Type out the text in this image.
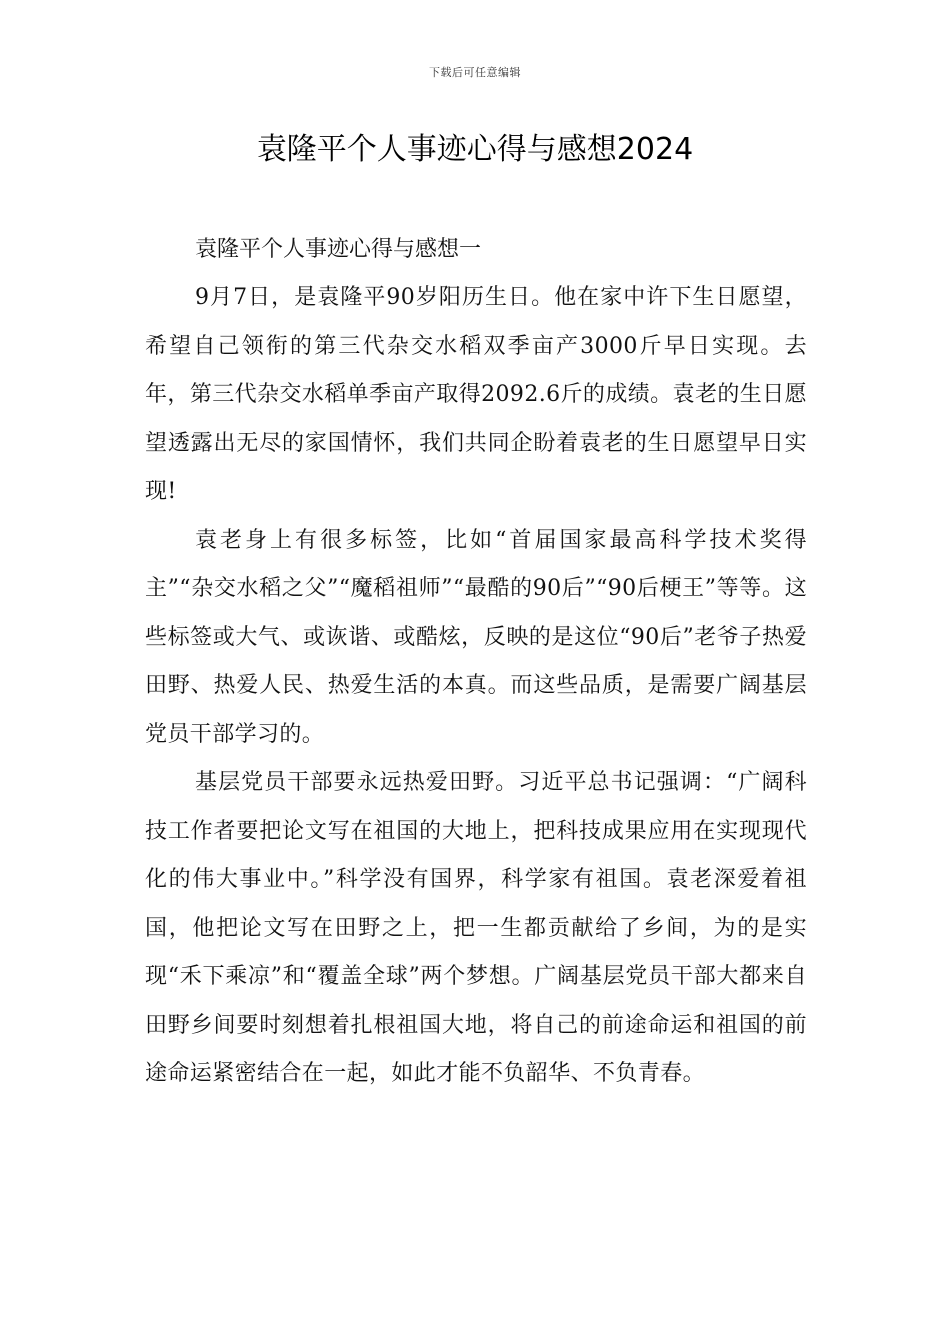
下载后可任意编辑
袁隆平个人事迹心得与感想2024

袁隆平个人事迹心得与感想一

9月7日，是袁隆平90岁阳历生日。他在家中许下生日愿望，希望自己领衔的第三代杂交水稻双季亩产3000斤早日实现。去年，第三代杂交水稻单季亩产取得2092.6斤的成绩。袁老的生日愿望透露出无尽的家国情怀，我们共同企盼着袁老的生日愿望早日实现!

袁老身上有很多标签，比如“首届国家最高科学技术奖得主”“杂交水稻之父”“魔稻祖师”“最酷的90后”“90后梗王”等等。这些标签或大气、或诙谐、或酷炫，反映的是这位“90后”老爷子热爱田野、热爱人民、热爱生活的本真。而这些品质，是需要广阔基层党员干部学习的。

基层党员干部要永远热爱田野。习近平总书记强调：“广阔科技工作者要把论文写在祖国的大地上，把科技成果应用在实现现代化的伟大事业中。”科学没有国界，科学家有祖国。袁老深爱着祖国，他把论文写在田野之上，把一生都贡献给了乡间，为的是实现“禾下乘凉”和“覆盖全球”两个梦想。广阔基层党员干部大都来自田野乡间要时刻想着扎根祖国大地，将自己的前途命运和祖国的前途命运紧密结合在一起，如此才能不负韶华、不负青春。
